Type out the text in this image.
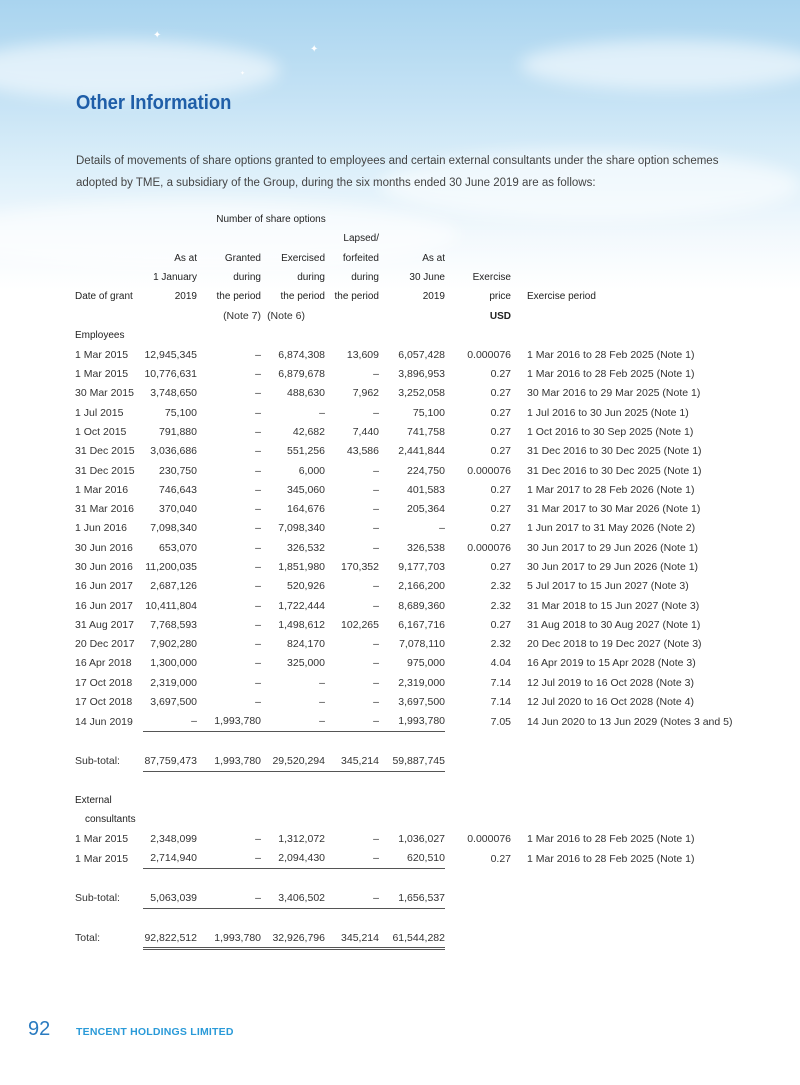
✦
✦
✦
Other Information

Details of movements of share options granted to employees and certain external consultants under the share option schemes adopted by TME, a subsidiary of the Group, during the six months ended 30 June 2019 are as follows:

	Number of share options						
				Lapsed/			
	As at	Granted	Exercised	forfeited	As at		
	1 January	during	during	during	30 June	Exercise	
Date of grant	2019	the period	the period	the period	2019	price	Exercise period
		(Note 7)	(Note 6)			USD	
Employees							
1 Mar 2015	12,945,345	–	6,874,308	13,609	6,057,428	0.000076	1 Mar 2016 to 28 Feb 2025 (Note 1)
1 Mar 2015	10,776,631	–	6,879,678	–	3,896,953	0.27	1 Mar 2016 to 28 Feb 2025 (Note 1)
30 Mar 2015	3,748,650	–	488,630	7,962	3,252,058	0.27	30 Mar 2016 to 29 Mar 2025 (Note 1)
1 Jul 2015	75,100	–	–	–	75,100	0.27	1 Jul 2016 to 30 Jun 2025 (Note 1)
1 Oct 2015	791,880	–	42,682	7,440	741,758	0.27	1 Oct 2016 to 30 Sep 2025 (Note 1)
31 Dec 2015	3,036,686	–	551,256	43,586	2,441,844	0.27	31 Dec 2016 to 30 Dec 2025 (Note 1)
31 Dec 2015	230,750	–	6,000	–	224,750	0.000076	31 Dec 2016 to 30 Dec 2025 (Note 1)
1 Mar 2016	746,643	–	345,060	–	401,583	0.27	1 Mar 2017 to 28 Feb 2026 (Note 1)
31 Mar 2016	370,040	–	164,676	–	205,364	0.27	31 Mar 2017 to 30 Mar 2026 (Note 1)
1 Jun 2016	7,098,340	–	7,098,340	–	–	0.27	1 Jun 2017 to 31 May 2026 (Note 2)
30 Jun 2016	653,070	–	326,532	–	326,538	0.000076	30 Jun 2017 to 29 Jun 2026 (Note 1)
30 Jun 2016	11,200,035	–	1,851,980	170,352	9,177,703	0.27	30 Jun 2017 to 29 Jun 2026 (Note 1)
16 Jun 2017	2,687,126	–	520,926	–	2,166,200	2.32	5 Jul 2017 to 15 Jun 2027 (Note 3)
16 Jun 2017	10,411,804	–	1,722,444	–	8,689,360	2.32	31 Mar 2018 to 15 Jun 2027 (Note 3)
31 Aug 2017	7,768,593	–	1,498,612	102,265	6,167,716	0.27	31 Aug 2018 to 30 Aug 2027 (Note 1)
20 Dec 2017	7,902,280	–	824,170	–	7,078,110	2.32	20 Dec 2018 to 19 Dec 2027 (Note 3)
16 Apr 2018	1,300,000	–	325,000	–	975,000	4.04	16 Apr 2019 to 15 Apr 2028 (Note 3)
17 Oct 2018	2,319,000	–	–	–	2,319,000	7.14	12 Jul 2019 to 16 Oct 2028 (Note 3)
17 Oct 2018	3,697,500	–	–	–	3,697,500	7.14	12 Jul 2020 to 16 Oct 2028 (Note 4)
14 Jun 2019	–	1,993,780	–	–	1,993,780	7.05	14 Jun 2020 to 13 Jun 2029 (Notes 3 and 5)

Sub-total:	87,759,473	1,993,780	29,520,294	345,214	59,887,745		

External							
consultants							
1 Mar 2015	2,348,099	–	1,312,072	–	1,036,027	0.000076	1 Mar 2016 to 28 Feb 2025 (Note 1)
1 Mar 2015	2,714,940	–	2,094,430	–	620,510	0.27	1 Mar 2016 to 28 Feb 2025 (Note 1)

Sub-total:	5,063,039	–	3,406,502	–	1,656,537		

Total:	92,822,512	1,993,780	32,926,796	345,214	61,544,282		
92 TENCENT HOLDINGS LIMITED
